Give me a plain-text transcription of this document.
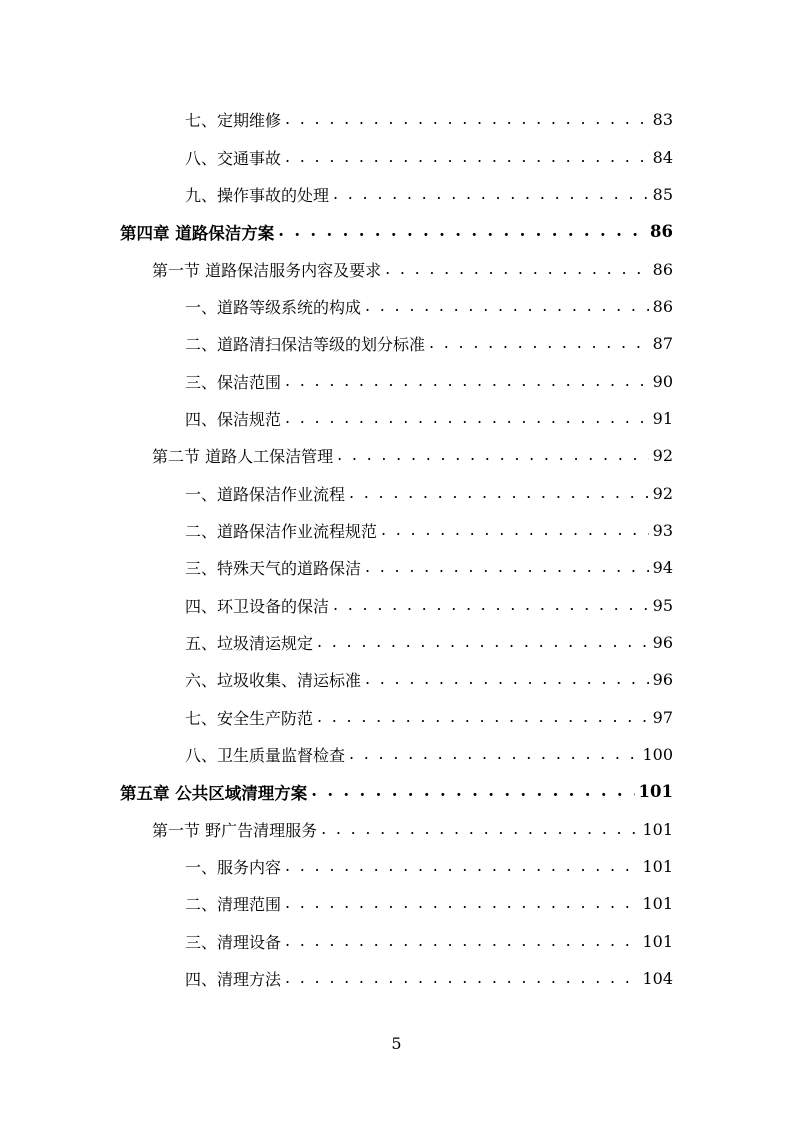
七、定期维修 . . .	83
八、交通事故 . . .	84
九、操作事故的处理 . . .	85
第四章 道路保洁方案 . . .	86
第一节 道路保洁服务内容及要求 . . .	86
一、道路等级系统的构成 . . .	86
二、道路清扫保洁等级的划分标准 . . .	87
三、保洁范围 . . .	90
四、保洁规范 . . .	91
第二节 道路人工保洁管理 . . .	92
一、道路保洁作业流程 . . .	92
二、道路保洁作业流程规范 . . .	93
三、特殊天气的道路保洁 . . .	94
四、环卫设备的保洁 . . .	95
五、垃圾清运规定 . . .	96
六、垃圾收集、清运标准 . . .	96
七、安全生产防范 . . .	97
八、卫生质量监督检查 . . .	100
第五章 公共区域清理方案 . . .	101
第一节 野广告清理服务 . . .	101
一、服务内容 . . .	101
二、清理范围 . . .	101
三、清理设备 . . .	101
四、清理方法 . . .	104
5
